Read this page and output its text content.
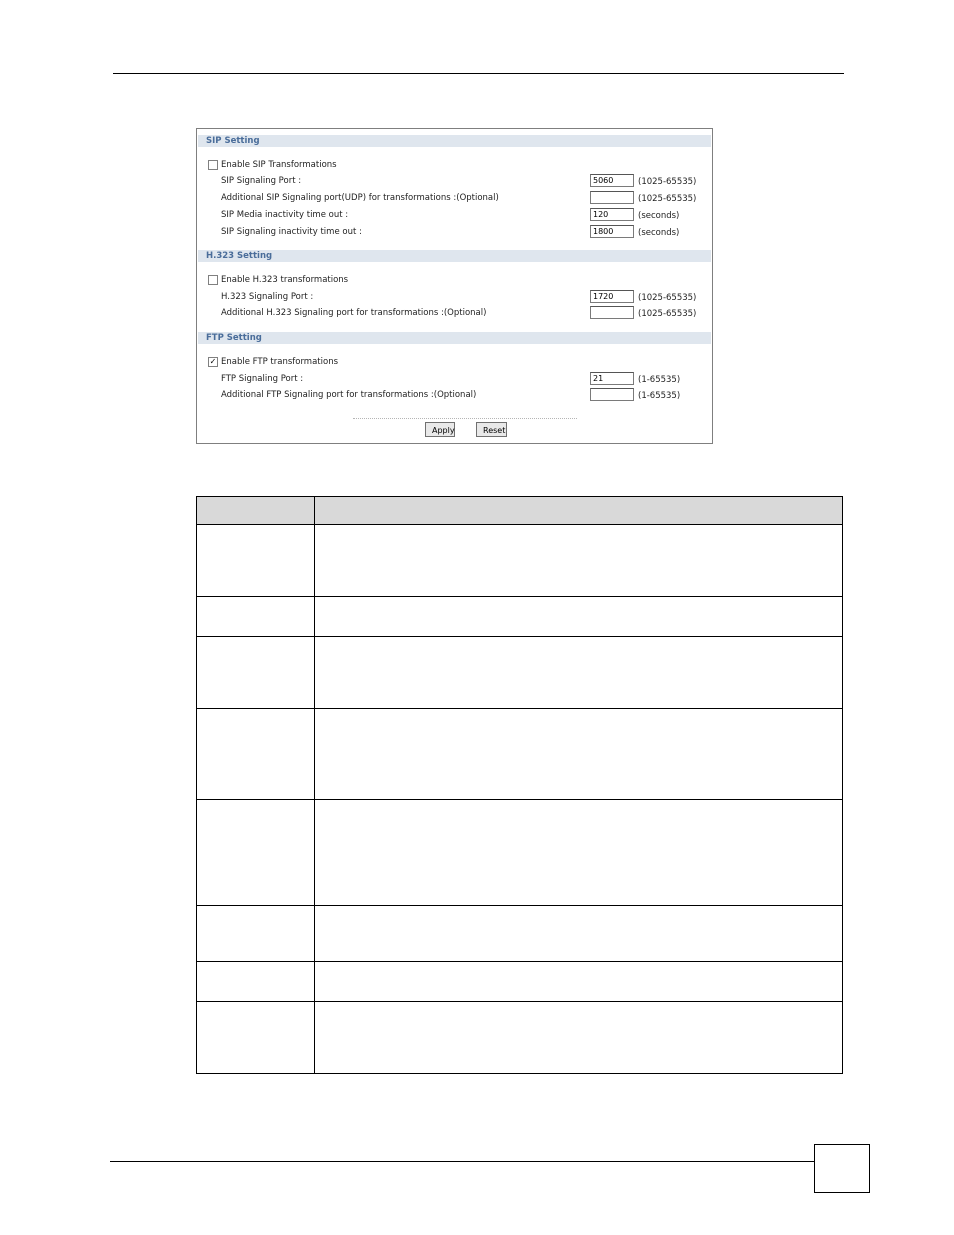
SIP Setting
Enable SIP Transformations
SIP Signaling Port :
5060	(1025-65535)
Additional SIP Signaling port(UDP) for transformations :(Optional)	(1025-65535)
SIP Media inactivity time out :
120	(seconds)
SIP Signaling inactivity time out :
1800	(seconds)
H.323 Setting
Enable H.323 transformations
H.323 Signaling Port :
1720	(1025-65535)
Additional H.323 Signaling port for transformations :(Optional)	(1025-65535)
FTP Setting
✓ Enable FTP transformations
FTP Signaling Port :
21	(1-65535)
Additional FTP Signaling port for transformations :(Optional)	(1-65535)
Apply	Reset
